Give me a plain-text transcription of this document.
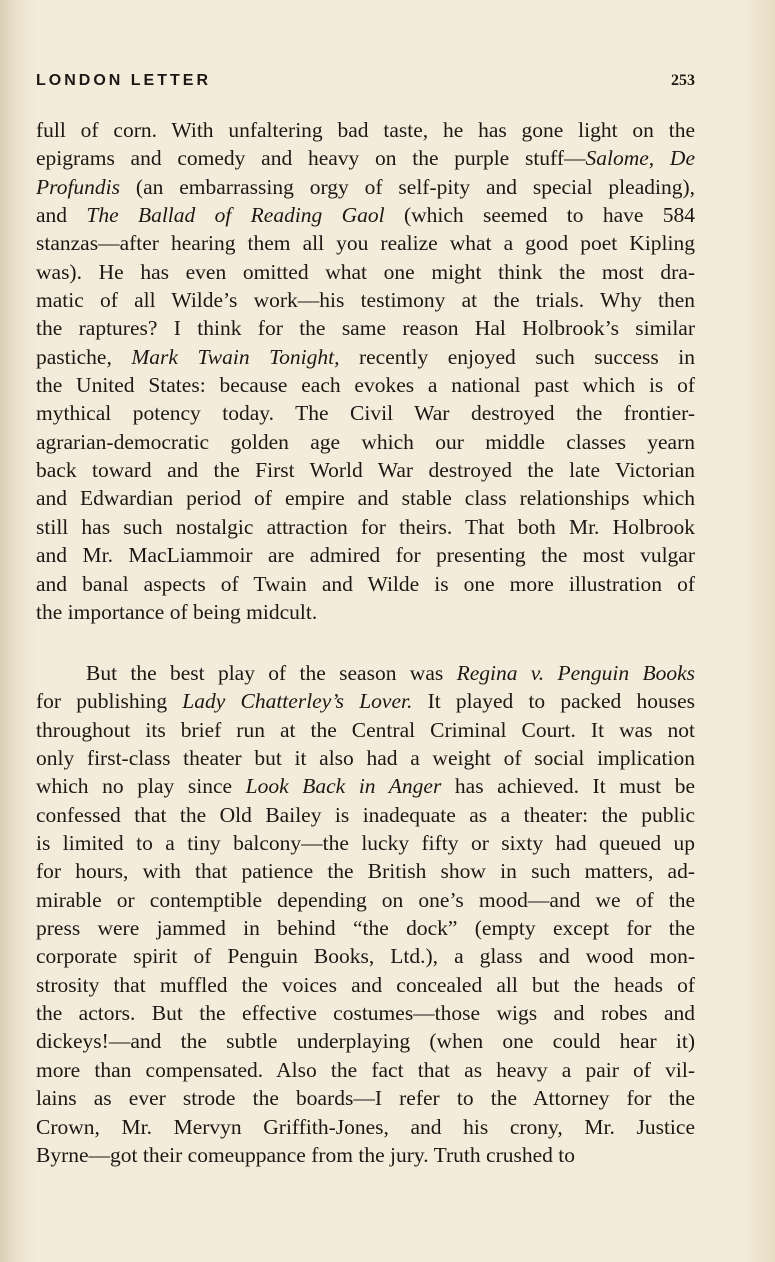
LONDON LETTER	253
full of corn. With unfaltering bad taste, he has gone light on the
epigrams and comedy and heavy on the purple stuff—Salome, De
Profundis (an embarrassing orgy of self-pity and special pleading),
and The Ballad of Reading Gaol (which seemed to have 584
stanzas—after hearing them all you realize what a good poet Kipling
was). He has even omitted what one might think the most dra-
matic of all Wilde’s work—his testimony at the trials. Why then
the raptures? I think for the same reason Hal Holbrook’s similar
pastiche, Mark Twain Tonight, recently enjoyed such success in
the United States: because each evokes a national past which is of
mythical potency today. The Civil War destroyed the frontier-
agrarian-democratic golden age which our middle classes yearn
back toward and the First World War destroyed the late Victorian
and Edwardian period of empire and stable class relationships which
still has such nostalgic attraction for theirs. That both Mr. Holbrook
and Mr. MacLiammoir are admired for presenting the most vulgar
and banal aspects of Twain and Wilde is one more illustration of
the importance of being midcult.
But the best play of the season was Regina v. Penguin Books
for publishing Lady Chatterley’s Lover. It played to packed houses
throughout its brief run at the Central Criminal Court. It was not
only first-class theater but it also had a weight of social implication
which no play since Look Back in Anger has achieved. It must be
confessed that the Old Bailey is inadequate as a theater: the public
is limited to a tiny balcony—the lucky fifty or sixty had queued up
for hours, with that patience the British show in such matters, ad-
mirable or contemptible depending on one’s mood—and we of the
press were jammed in behind “the dock” (empty except for the
corporate spirit of Penguin Books, Ltd.), a glass and wood mon-
strosity that muffled the voices and concealed all but the heads of
the actors. But the effective costumes—those wigs and robes and
dickeys!—and the subtle underplaying (when one could hear it)
more than compensated. Also the fact that as heavy a pair of vil-
lains as ever strode the boards—I refer to the Attorney for the
Crown, Mr. Mervyn Griffith-Jones, and his crony, Mr. Justice
Byrne—got their comeuppance from the jury. Truth crushed to
